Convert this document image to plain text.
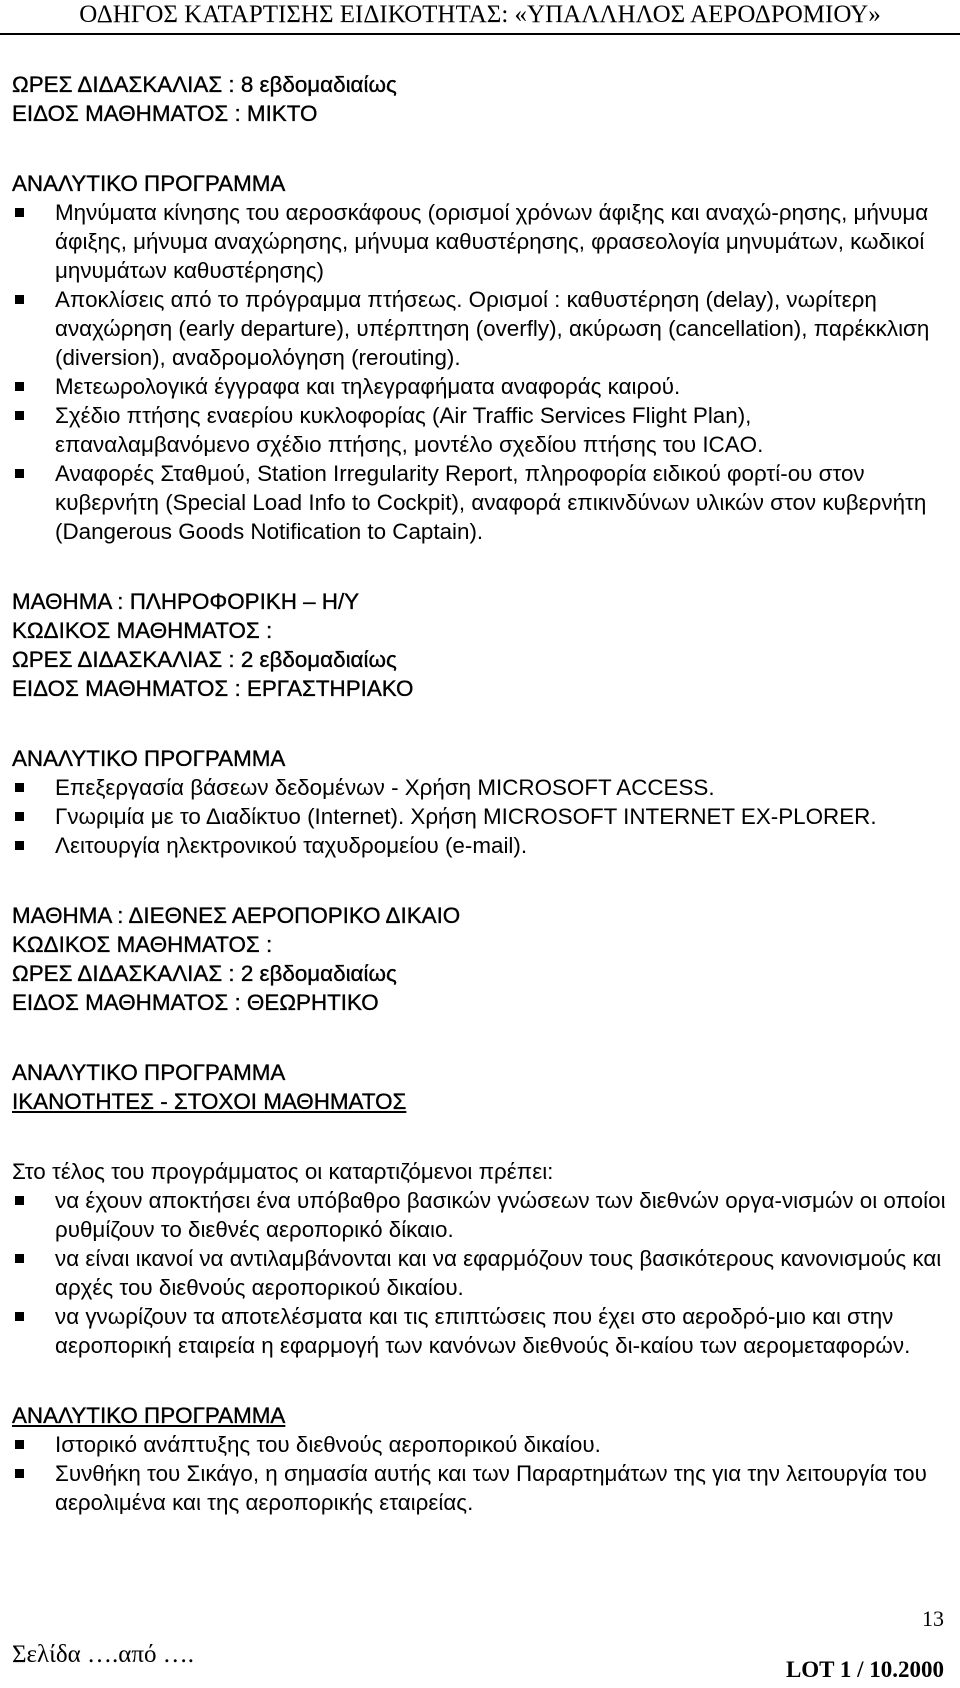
ΟΔΗΓΟΣ ΚΑΤΑΡΤΙΣΗΣ ΕΙΔΙΚΟΤΗΤΑΣ: «ΥΠΑΛΛΗΛΟΣ ΑΕΡΟΔΡΟΜΙΟΥ»
ΩΡΕΣ ΔΙΔΑΣΚΑΛΙΑΣ : 8 εβδομαδιαίως
ΕΙΔΟΣ ΜΑΘΗΜΑΤΟΣ : ΜΙΚΤΟ
ΑΝΑΛΥΤΙΚΟ ΠΡΟΓΡΑΜΜΑ
Μηνύματα κίνησης του αεροσκάφους (ορισμοί χρόνων άφιξης και αναχώ-ρησης, μήνυμα άφιξης, μήνυμα αναχώρησης, μήνυμα καθυστέρησης, φρασεολογία μηνυμάτων, κωδικοί μηνυμάτων καθυστέρησης)
Αποκλίσεις από το πρόγραμμα πτήσεως. Ορισμοί : καθυστέρηση (delay), νωρίτερη αναχώρηση (early departure), υπέρπτηση (overfly), ακύρωση (cancellation), παρέκκλιση (diversion), αναδρομολόγηση (rerouting).
Μετεωρολογικά έγγραφα και τηλεγραφήματα αναφοράς καιρού.
Σχέδιο πτήσης εναερίου κυκλοφορίας (Air Traffic Services Flight Plan), επαναλαμβανόμενο σχέδιο πτήσης, μοντέλο σχεδίου πτήσης του ICAO.
Αναφορές Σταθμού, Station Irregularity Report, πληροφορία ειδικού φορτί-ου στον κυβερνήτη (Special Load Info to Cockpit), αναφορά επικινδύνων υλικών στον κυβερνήτη (Dangerous Goods Notification to Captain).
ΜΑΘΗΜΑ : ΠΛΗΡΟΦΟΡΙΚΗ – Η/Υ
ΚΩΔΙΚΟΣ ΜΑΘΗΜΑΤΟΣ :
ΩΡΕΣ ΔΙΔΑΣΚΑΛΙΑΣ : 2 εβδομαδιαίως
ΕΙΔΟΣ ΜΑΘΗΜΑΤΟΣ : ΕΡΓΑΣΤΗΡΙΑΚΟ
ΑΝΑΛΥΤΙΚΟ ΠΡΟΓΡΑΜΜΑ
Επεξεργασία βάσεων δεδομένων - Χρήση MICROSOFT ACCESS.
Γνωριμία με το Διαδίκτυο (Internet). Χρήση MICROSOFT INTERNET EX-PLORER.
Λειτουργία ηλεκτρονικού ταχυδρομείου (e-mail).
ΜΑΘΗΜΑ : ΔΙΕΘΝΕΣ ΑΕΡΟΠΟΡΙΚΟ ΔΙΚΑΙΟ
ΚΩΔΙΚΟΣ ΜΑΘΗΜΑΤΟΣ :
ΩΡΕΣ ΔΙΔΑΣΚΑΛΙΑΣ : 2 εβδομαδιαίως
ΕΙΔΟΣ ΜΑΘΗΜΑΤΟΣ : ΘΕΩΡΗΤΙΚΟ
ΑΝΑΛΥΤΙΚΟ ΠΡΟΓΡΑΜΜΑ
ΙΚΑΝΟΤΗΤΕΣ - ΣΤΟΧΟΙ ΜΑΘΗΜΑΤΟΣ
Στο τέλος του προγράμματος οι καταρτιζόμενοι πρέπει:
να έχουν αποκτήσει ένα υπόβαθρο βασικών γνώσεων των διεθνών οργα-νισμών οι οποίοι ρυθμίζουν το διεθνές αεροπορικό δίκαιο.
να είναι ικανοί να αντιλαμβάνονται και να εφαρμόζουν τους βασικότερους κανονισμούς και αρχές του διεθνούς αεροπορικού δικαίου.
να γνωρίζουν τα αποτελέσματα και τις επιπτώσεις που έχει στο αεροδρό-μιο και στην αεροπορική εταιρεία η εφαρμογή των κανόνων διεθνούς δι-καίου των αερομεταφορών.
ΑΝΑΛΥΤΙΚΟ ΠΡΟΓΡΑΜΜΑ
Ιστορικό ανάπτυξης του διεθνούς αεροπορικού δικαίου.
Συνθήκη του Σικάγο, η σημασία αυτής και των Παραρτημάτων της για την λειτουργία του αερολιμένα και της αεροπορικής εταιρείας.
13
Σελίδα ….από ….
LOT 1 / 10.2000
